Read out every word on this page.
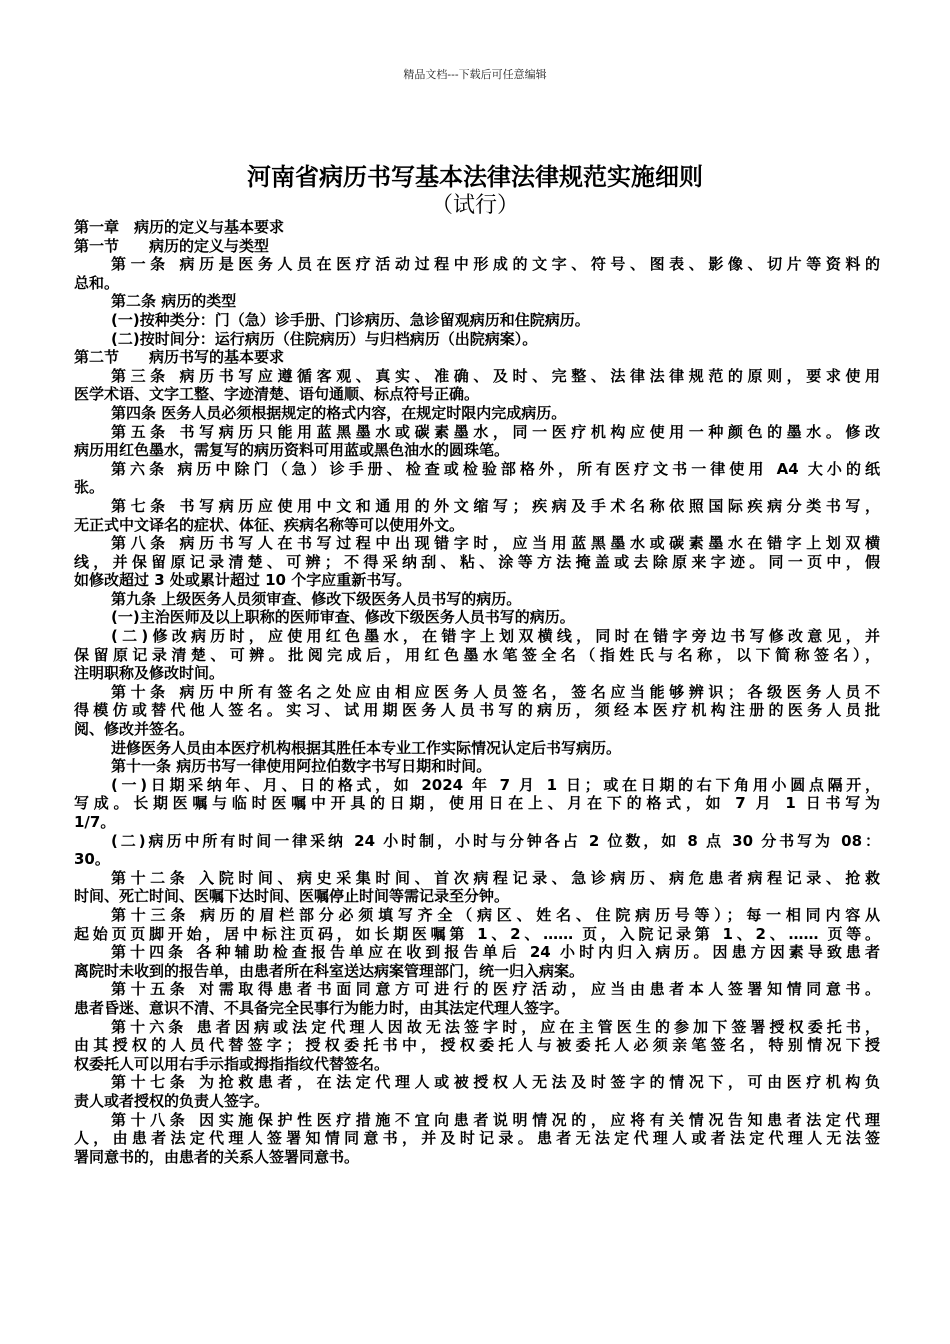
精品文档---下载后可任意编辑
河南省病历书写基本法律法律规范实施细则
（试行）

第一章　病历的定义与基本要求

第一节　　病历的定义与类型

第一条 病历是医务人员在医疗活动过程中形成的文字、符号、图表、影像、切片等资料的

总和。

第二条 病历的类型

(一)按种类分：门（急）诊手册、门诊病历、急诊留观病历和住院病历。

(二)按时间分：运行病历（住院病历）与归档病历（出院病案）。

第二节　　病历书写的基本要求

第三条 病历书写应遵循客观、真实、准确、及时、完整、法律法律规范的原则，要求使用

医学术语、文字工整、字迹清楚、语句通顺、标点符号正确。

第四条 医务人员必须根据规定的格式内容，在规定时限内完成病历。

第五条 书写病历只能用蓝黑墨水或碳素墨水，同一医疗机构应使用一种颜色的墨水。修改

病历用红色墨水，需复写的病历资料可用蓝或黑色油水的圆珠笔。

第六条 病历中除门（急）诊手册、检查或检验部格外，所有医疗文书一律使用 A4 大小的纸

张。

第七条 书写病历应使用中文和通用的外文缩写；疾病及手术名称依照国际疾病分类书写，

无正式中文译名的症状、体征、疾病名称等可以使用外文。

第八条 病历书写人在书写过程中出现错字时，应当用蓝黑墨水或碳素墨水在错字上划双横

线，并保留原记录清楚、可辨；不得采纳刮、粘、涂等方法掩盖或去除原来字迹。同一页中，假

如修改超过 3 处或累计超过 10 个字应重新书写。

第九条 上级医务人员须审查、修改下级医务人员书写的病历。

(一)主治医师及以上职称的医师审查、修改下级医务人员书写的病历。

(二)修改病历时，应使用红色墨水，在错字上划双横线，同时在错字旁边书写修改意见，并

保留原记录清楚、可辨。批阅完成后，用红色墨水笔签全名（指姓氏与名称，以下简称签名），

注明职称及修改时间。

第十条 病历中所有签名之处应由相应医务人员签名，签名应当能够辨识；各级医务人员不

得模仿或替代他人签名。实习、试用期医务人员书写的病历，须经本医疗机构注册的医务人员批

阅、修改并签名。

进修医务人员由本医疗机构根据其胜任本专业工作实际情况认定后书写病历。

第十一条 病历书写一律使用阿拉伯数字书写日期和时间。

(一)日期采纳年、月、日的格式，如 2024 年 7 月 1 日；或在日期的右下角用小圆点隔开，

写成。长期医嘱与临时医嘱中开具的日期，使用日在上、月在下的格式，如 7 月 1 日书写为

1/7。

(二)病历中所有时间一律采纳 24 小时制，小时与分钟各占 2 位数，如 8 点 30 分书写为 08：

30。

第十二条 入院时间、病史采集时间、首次病程记录、急诊病历、病危患者病程记录、抢救

时间、死亡时间、医嘱下达时间、医嘱停止时间等需记录至分钟。

第十三条 病历的眉栏部分必须填写齐全（病区、姓名、住院病历号等）；每一相同内容从

起始页页脚开始，居中标注页码，如长期医嘱第 1、2、…… 页，入院记录第 1、2、…… 页等。

第十四条 各种辅助检查报告单应在收到报告单后 24 小时内归入病历。因患方因素导致患者

离院时未收到的报告单，由患者所在科室送达病案管理部门，统一归入病案。

第十五条 对需取得患者书面同意方可进行的医疗活动，应当由患者本人签署知情同意书。

患者昏迷、意识不清、不具备完全民事行为能力时，由其法定代理人签字。

第十六条 患者因病或法定代理人因故无法签字时，应在主管医生的参加下签署授权委托书，

由其授权的人员代替签字；授权委托书中，授权委托人与被委托人必须亲笔签名，特别情况下授

权委托人可以用右手示指或拇指指纹代替签名。

第十七条 为抢救患者，在法定代理人或被授权人无法及时签字的情况下，可由医疗机构负

责人或者授权的负责人签字。

第十八条 因实施保护性医疗措施不宜向患者说明情况的，应将有关情况告知患者法定代理

人，由患者法定代理人签署知情同意书，并及时记录。患者无法定代理人或者法定代理人无法签

署同意书的，由患者的关系人签署同意书。
